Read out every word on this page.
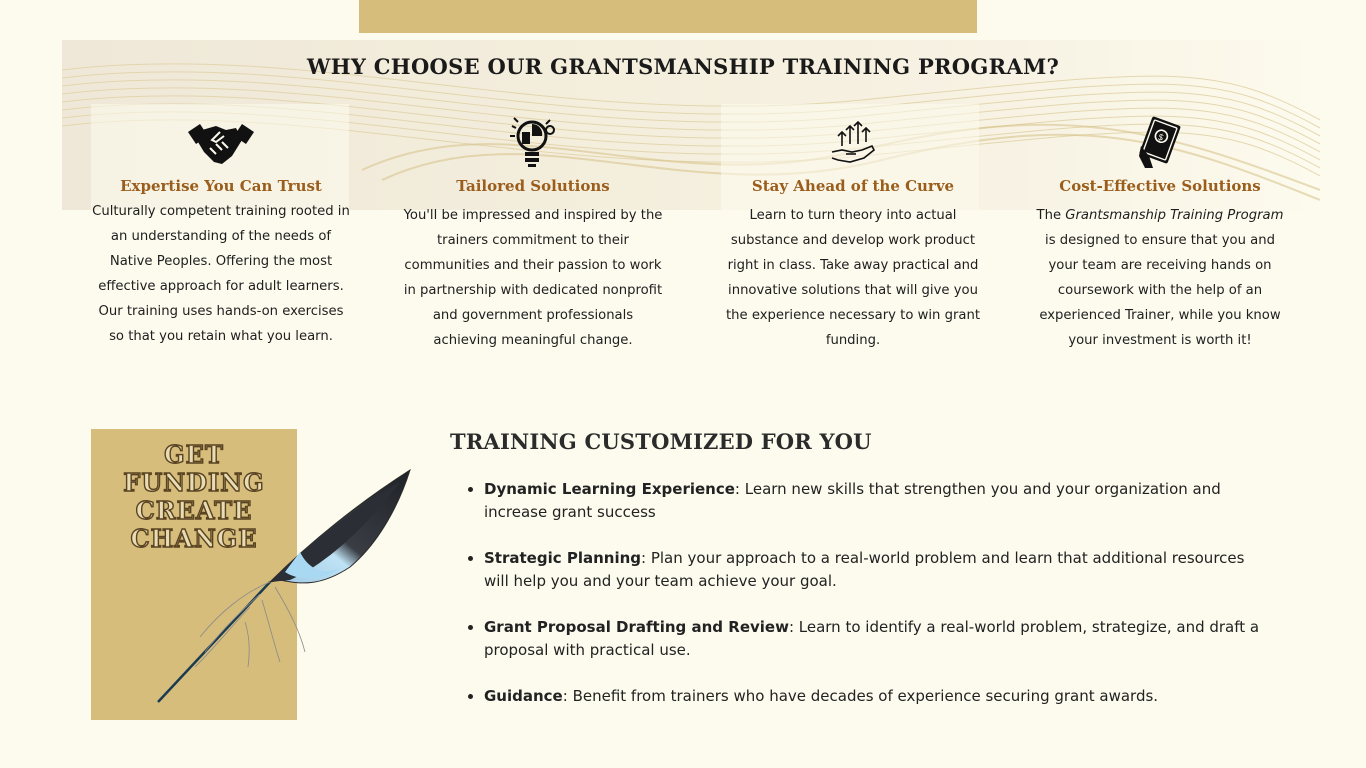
WHY CHOOSE OUR GRANTSMANSHIP TRAINING PROGRAM?
Expertise You Can Trust

Culturally competent training rooted in an understanding of the needs of Native Peoples. Offering the most effective approach for adult learners. Our training uses hands-on exercises so that you retain what you learn.

Tailored Solutions

You'll be impressed and inspired by the trainers commitment to their communities and their passion to work in partnership with dedicated nonprofit and government professionals achieving meaningful change.

Stay Ahead of the Curve

Learn to turn theory into actual substance and develop work product right in class. Take away practical and innovative solutions that will give you the experience necessary to win grant funding.

$
Cost-Effective Solutions

The Grantsmanship Training Program is designed to ensure that you and your team are receiving hands on coursework with the help of an experienced Trainer, while you know your investment is worth it!

GET
FUNDING
CREATE
CHANGE
TRAINING CUSTOMIZED FOR YOU
• Dynamic Learning Experience: Learn new skills that strengthen you and your organization and increase grant success
• Strategic Planning: Plan your approach to a real-world problem and learn that additional resources will help you and your team achieve your goal.
• Grant Proposal Drafting and Review: Learn to identify a real-world problem, strategize, and draft a proposal with practical use.
• Guidance: Benefit from trainers who have decades of experience securing grant awards.
